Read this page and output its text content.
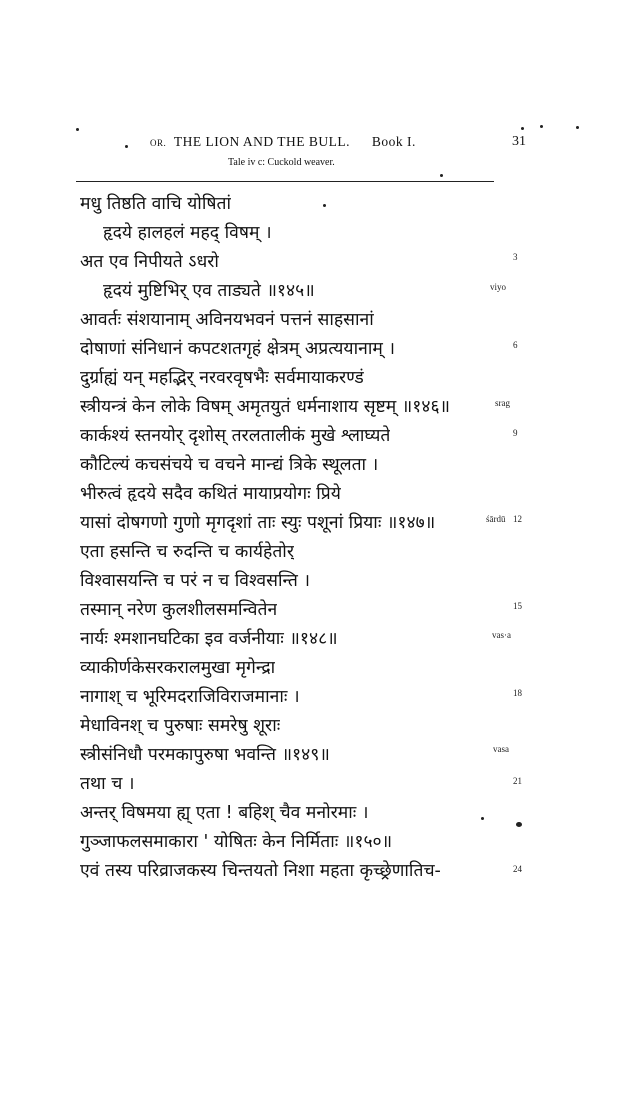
OR. THE LION AND THE BULL. Book I.	31
Tale iv c: Cuckold weaver.
मधु तिष्ठति वाचि योषितां
हृदये हालहलं महद् विषम् ।
अत एव निपीयते ऽधरो
हृदयं मुष्टिभिर् एव ताड्यते ॥१४५॥
आवर्तः संशयानाम् अविनयभवनं पत्तनं साहसानां
दोषाणां संनिधानं कपटशतगृहं क्षेत्रम् अप्रत्ययानाम् ।
दुर्ग्राह्यं यन् महद्भिर् नरवरवृषभैः सर्वमायाकरण्डं
स्त्रीयन्त्रं केन लोके विषम् अमृतयुतं धर्मनाशाय सृष्टम् ॥१४६॥
कार्कश्यं स्तनयोर् दृशोस् तरलतालीकं मुखे श्लाघ्यते
कौटिल्यं कचसंचये च वचने मान्द्यं त्रिके स्थूलता ।
भीरुत्वं हृदये सदैव कथितं मायाप्रयोगः प्रिये
यासां दोषगणो गुणो मृगदृशां ताः स्युः पशूनां प्रियाः ॥१४७॥
एता हसन्ति च रुदन्ति च कार्यहेतोर्
विश्वासयन्ति च परं न च विश्वसन्ति ।
तस्मान् नरेण कुलशीलसमन्वितेन
नार्यः श्मशानघटिका इव वर्जनीयाः ॥१४८॥
व्याकीर्णकेसरकरालमुखा मृगेन्द्रा
नागाश् च भूरिमदराजिविराजमानाः ।
मेधाविनश् च पुरुषाः समरेषु शूराः
स्त्रीसंनिधौ परमकापुरुषा भवन्ति ॥१४९॥
तथा च ।
अन्तर् विषमया ह्य् एता ! बहिश् चैव मनोरमाः ।
गुञ्जाफलसमाकारा ' योषितः केन निर्मिताः ॥१५०॥
एवं तस्य परिव्राजकस्य चिन्तयतो निशा महता कृच्छ्रेणातिच-
3
viyo
6
srag
9
śārdū 12
15
vas·a
18
vasa
21
24
